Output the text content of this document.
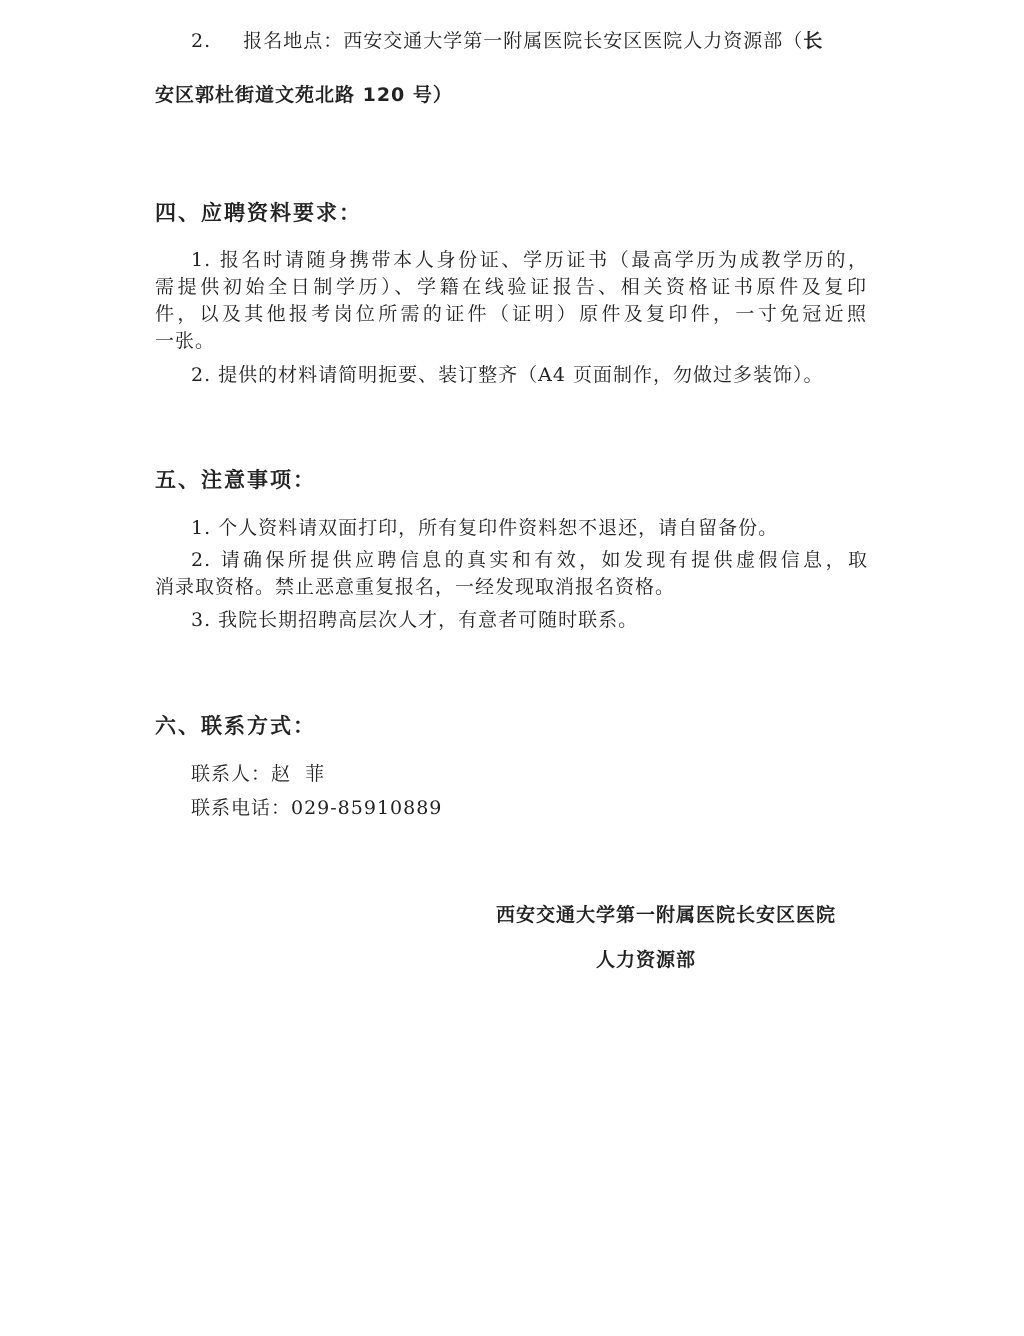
2. 报名地点：西安交通大学第一附属医院长安区医院人力资源部（长
安区郭杜街道文苑北路 120 号）
四、应聘资料要求：
1. 报名时请随身携带本人身份证、学历证书（最高学历为成教学历的，
需提供初始全日制学历）、学籍在线验证报告、相关资格证书原件及复印
件，以及其他报考岗位所需的证件（证明）原件及复印件，一寸免冠近照
一张。
2. 提供的材料请简明扼要、装订整齐（A4 页面制作，勿做过多装饰）。
五、注意事项：
1. 个人资料请双面打印，所有复印件资料恕不退还，请自留备份。
2. 请确保所提供应聘信息的真实和有效，如发现有提供虚假信息，取
消录取资格。禁止恶意重复报名，一经发现取消报名资格。
3. 我院长期招聘高层次人才，有意者可随时联系。
六、联系方式：
联系人：赵  菲
联系电话：029-85910889
西安交通大学第一附属医院长安区医院
人力资源部
